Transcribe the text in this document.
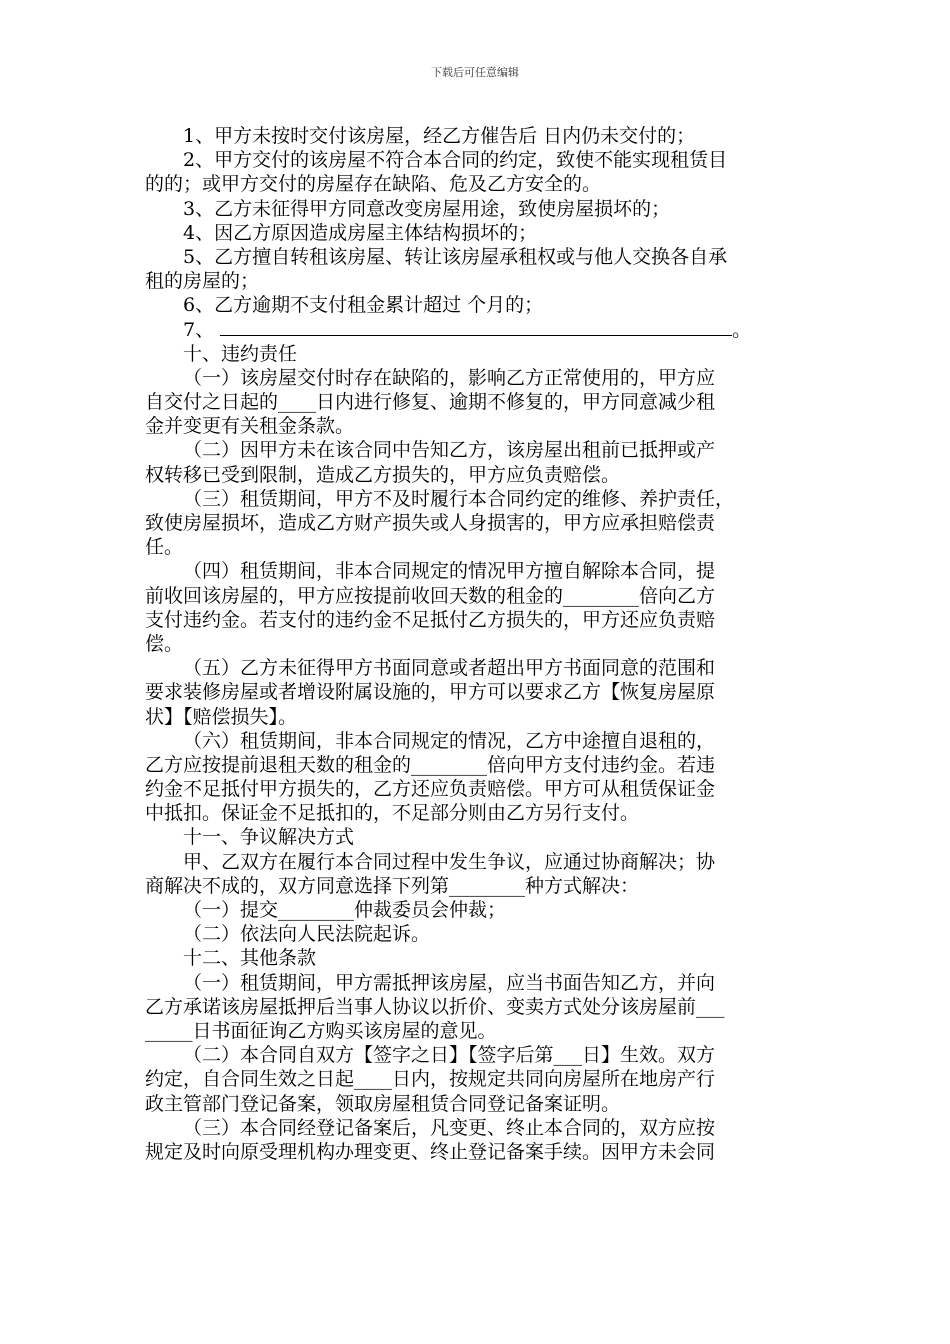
下载后可任意编辑
1、甲方未按时交付该房屋，经乙方催告后 日内仍未交付的；
2、甲方交付的该房屋不符合本合同的约定，致使不能实现租赁目
的的；或甲方交付的房屋存在缺陷、危及乙方安全的。
3、乙方未征得甲方同意改变房屋用途，致使房屋损坏的；
4、因乙方原因造成房屋主体结构损坏的；
5、乙方擅自转租该房屋、转让该房屋承租权或与他人交换各自承
租的房屋的；
6、乙方逾期不支付租金累计超过 个月的；
7、	。
十、违约责任
（一）该房屋交付时存在缺陷的，影响乙方正常使用的，甲方应
自交付之日起的____日内进行修复、逾期不修复的，甲方同意减少租
金并变更有关租金条款。
（二）因甲方未在该合同中告知乙方，该房屋出租前已抵押或产
权转移已受到限制，造成乙方损失的，甲方应负责赔偿。
（三）租赁期间，甲方不及时履行本合同约定的维修、养护责任，
致使房屋损坏，造成乙方财产损失或人身损害的，甲方应承担赔偿责
任。
（四）租赁期间，非本合同规定的情况甲方擅自解除本合同，提
前收回该房屋的，甲方应按提前收回天数的租金的________倍向乙方
支付违约金。若支付的违约金不足抵付乙方损失的，甲方还应负责赔
偿。
（五）乙方未征得甲方书面同意或者超出甲方书面同意的范围和
要求装修房屋或者增设附属设施的，甲方可以要求乙方【恢复房屋原
状】【赔偿损失】。
（六）租赁期间，非本合同规定的情况，乙方中途擅自退租的，
乙方应按提前退租天数的租金的________倍向甲方支付违约金。若违
约金不足抵付甲方损失的，乙方还应负责赔偿。甲方可从租赁保证金
中抵扣。保证金不足抵扣的，不足部分则由乙方另行支付。
十一、争议解决方式
甲、乙双方在履行本合同过程中发生争议，应通过协商解决；协
商解决不成的，双方同意选择下列第________种方式解决：
（一）提交________仲裁委员会仲裁；
（二）依法向人民法院起诉。
十二、其他条款
（一）租赁期间，甲方需抵押该房屋，应当书面告知乙方，并向
乙方承诺该房屋抵押后当事人协议以折价、变卖方式处分该房屋前___
_____日书面征询乙方购买该房屋的意见。
（二）本合同自双方【签字之日】【签字后第___日】生效。双方
约定，自合同生效之日起____日内，按规定共同向房屋所在地房产行
政主管部门登记备案，领取房屋租赁合同登记备案证明。
（三）本合同经登记备案后，凡变更、终止本合同的，双方应按
规定及时向原受理机构办理变更、终止登记备案手续。因甲方未会同
